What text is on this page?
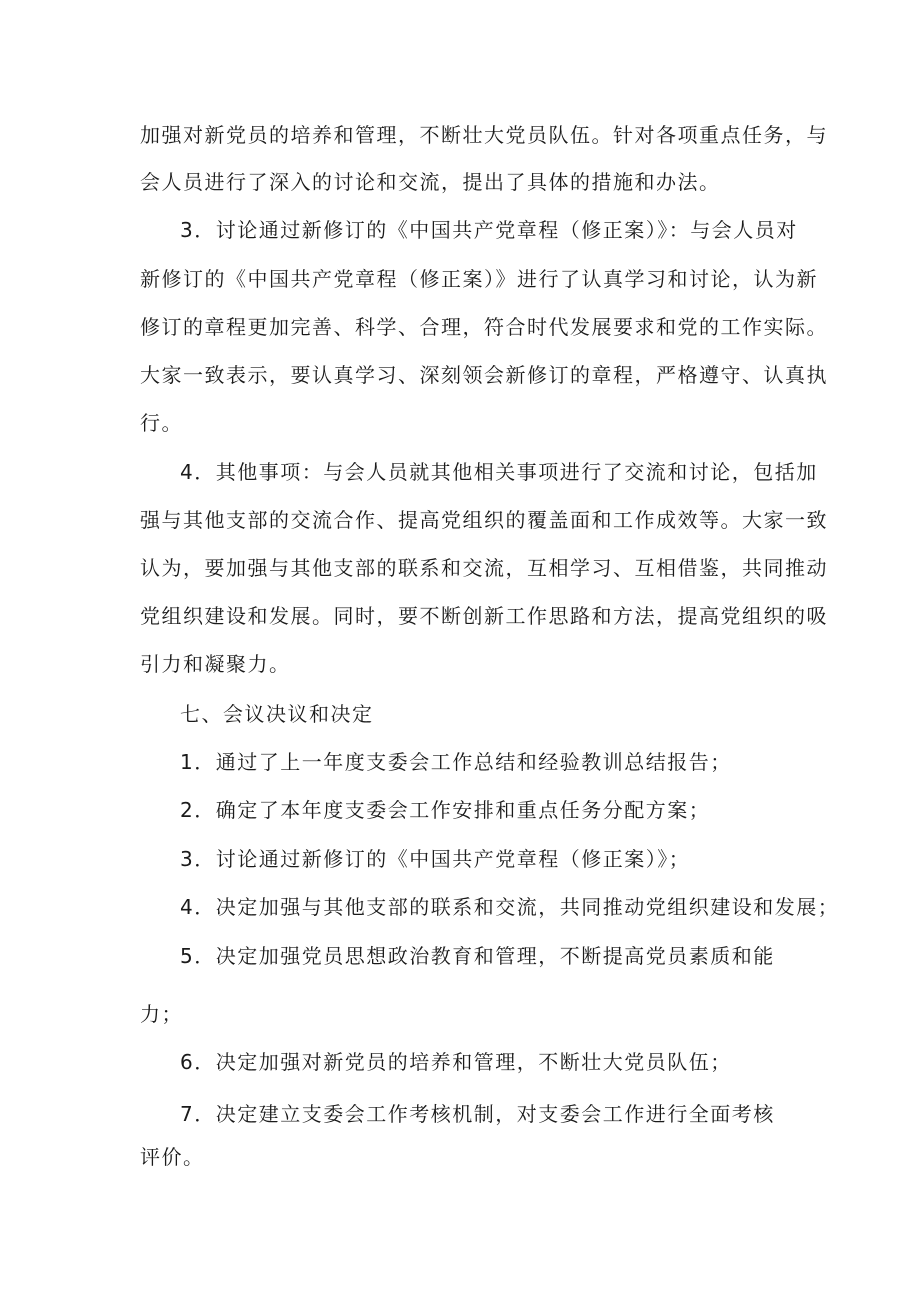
加强对新党员的培养和管理，不断壮大党员队伍。针对各项重点任务，与
会人员进行了深入的讨论和交流，提出了具体的措施和办法。
3．讨论通过新修订的《中国共产党章程（修正案）》：与会人员对
新修订的《中国共产党章程（修正案）》进行了认真学习和讨论，认为新
修订的章程更加完善、科学、合理，符合时代发展要求和党的工作实际。
大家一致表示，要认真学习、深刻领会新修订的章程，严格遵守、认真执
行。
4．其他事项：与会人员就其他相关事项进行了交流和讨论，包括加
强与其他支部的交流合作、提高党组织的覆盖面和工作成效等。大家一致
认为，要加强与其他支部的联系和交流，互相学习、互相借鉴，共同推动
党组织建设和发展。同时，要不断创新工作思路和方法，提高党组织的吸
引力和凝聚力。
七、会议决议和决定
1．通过了上一年度支委会工作总结和经验教训总结报告；
2．确定了本年度支委会工作安排和重点任务分配方案；
3．讨论通过新修订的《中国共产党章程（修正案）》；
4．决定加强与其他支部的联系和交流，共同推动党组织建设和发展；
5．决定加强党员思想政治教育和管理，不断提高党员素质和能
力；
6．决定加强对新党员的培养和管理，不断壮大党员队伍；
7．决定建立支委会工作考核机制，对支委会工作进行全面考核
评价。
